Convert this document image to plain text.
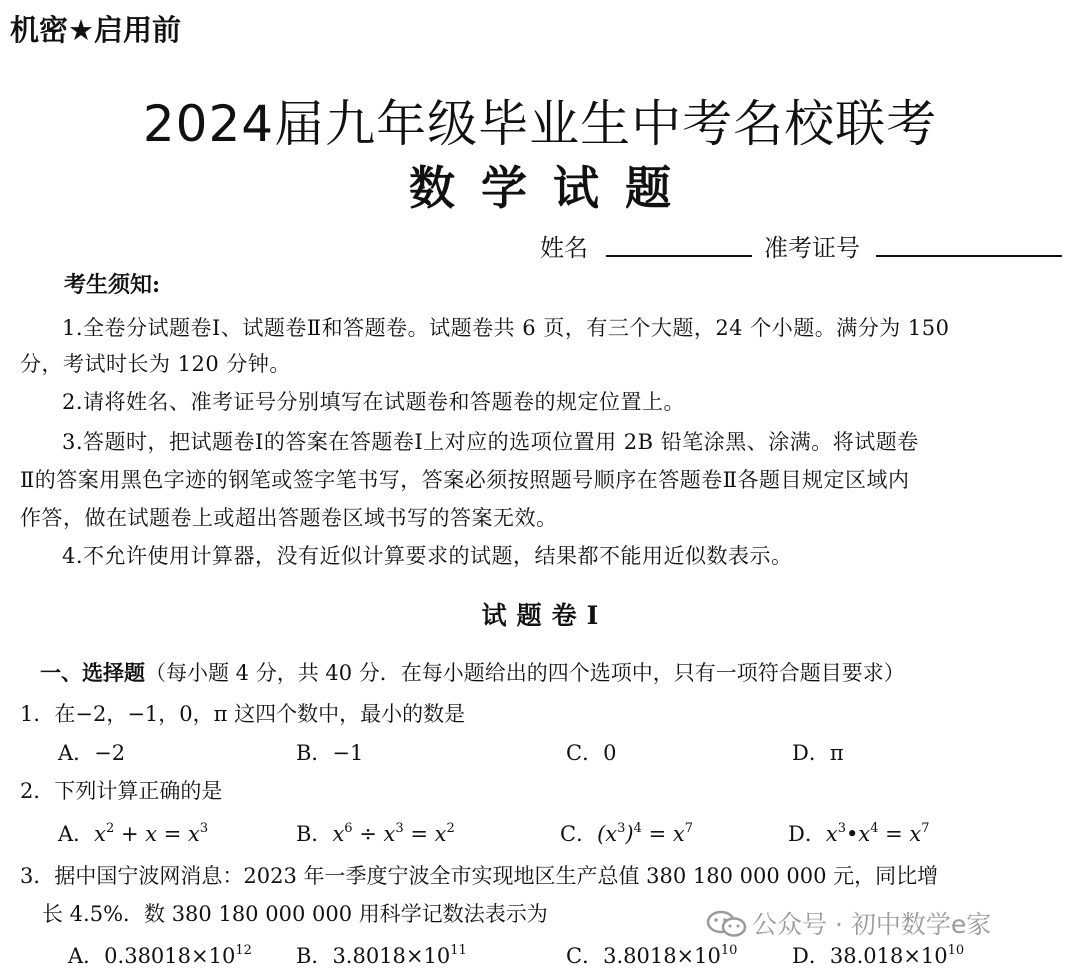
机密★启用前
2024届九年级毕业生中考名校联考
数学试题
姓名	准考证号
考生须知:
1.全卷分试题卷Ⅰ、试题卷Ⅱ和答题卷。试题卷共 6 页，有三个大题，24 个小题。满分为 150
分，考试时长为 120 分钟。
2.请将姓名、准考证号分别填写在试题卷和答题卷的规定位置上。
3.答题时，把试题卷Ⅰ的答案在答题卷Ⅰ上对应的选项位置用 2B 铅笔涂黑、涂满。将试题卷
Ⅱ的答案用黑色字迹的钢笔或签字笔书写，答案必须按照题号顺序在答题卷Ⅱ各题目规定区域内
作答，做在试题卷上或超出答题卷区域书写的答案无效。
4.不允许使用计算器，没有近似计算要求的试题，结果都不能用近似数表示。
试题卷Ⅰ
一、选择题（每小题 4 分，共 40 分．在每小题给出的四个选项中，只有一项符合题目要求）
1．在−2，−1，0，π 这四个数中，最小的数是
A．−2	B．−1	C．0	D．π
2．下列计算正确的是
A．$x^2 + x = x^3$	B．$x^6 \div x^3 = x^2$	C．$(x^3)^4 = x^7$	D．$x^3•x^4 = x^7$
3．据中国宁波网消息：2023 年一季度宁波全市实现地区生产总值 380 180 000 000 元，同比增
长 4.5%．数 380 180 000 000 用科学记数法表示为
A．$0.38018\times 10^{12}$ B．$3.8018\times 10^{11}$	C．$3.8018\times 10^{10}$	D．$38.018\times 10^{10}$
公众号 · 初中数学e家
